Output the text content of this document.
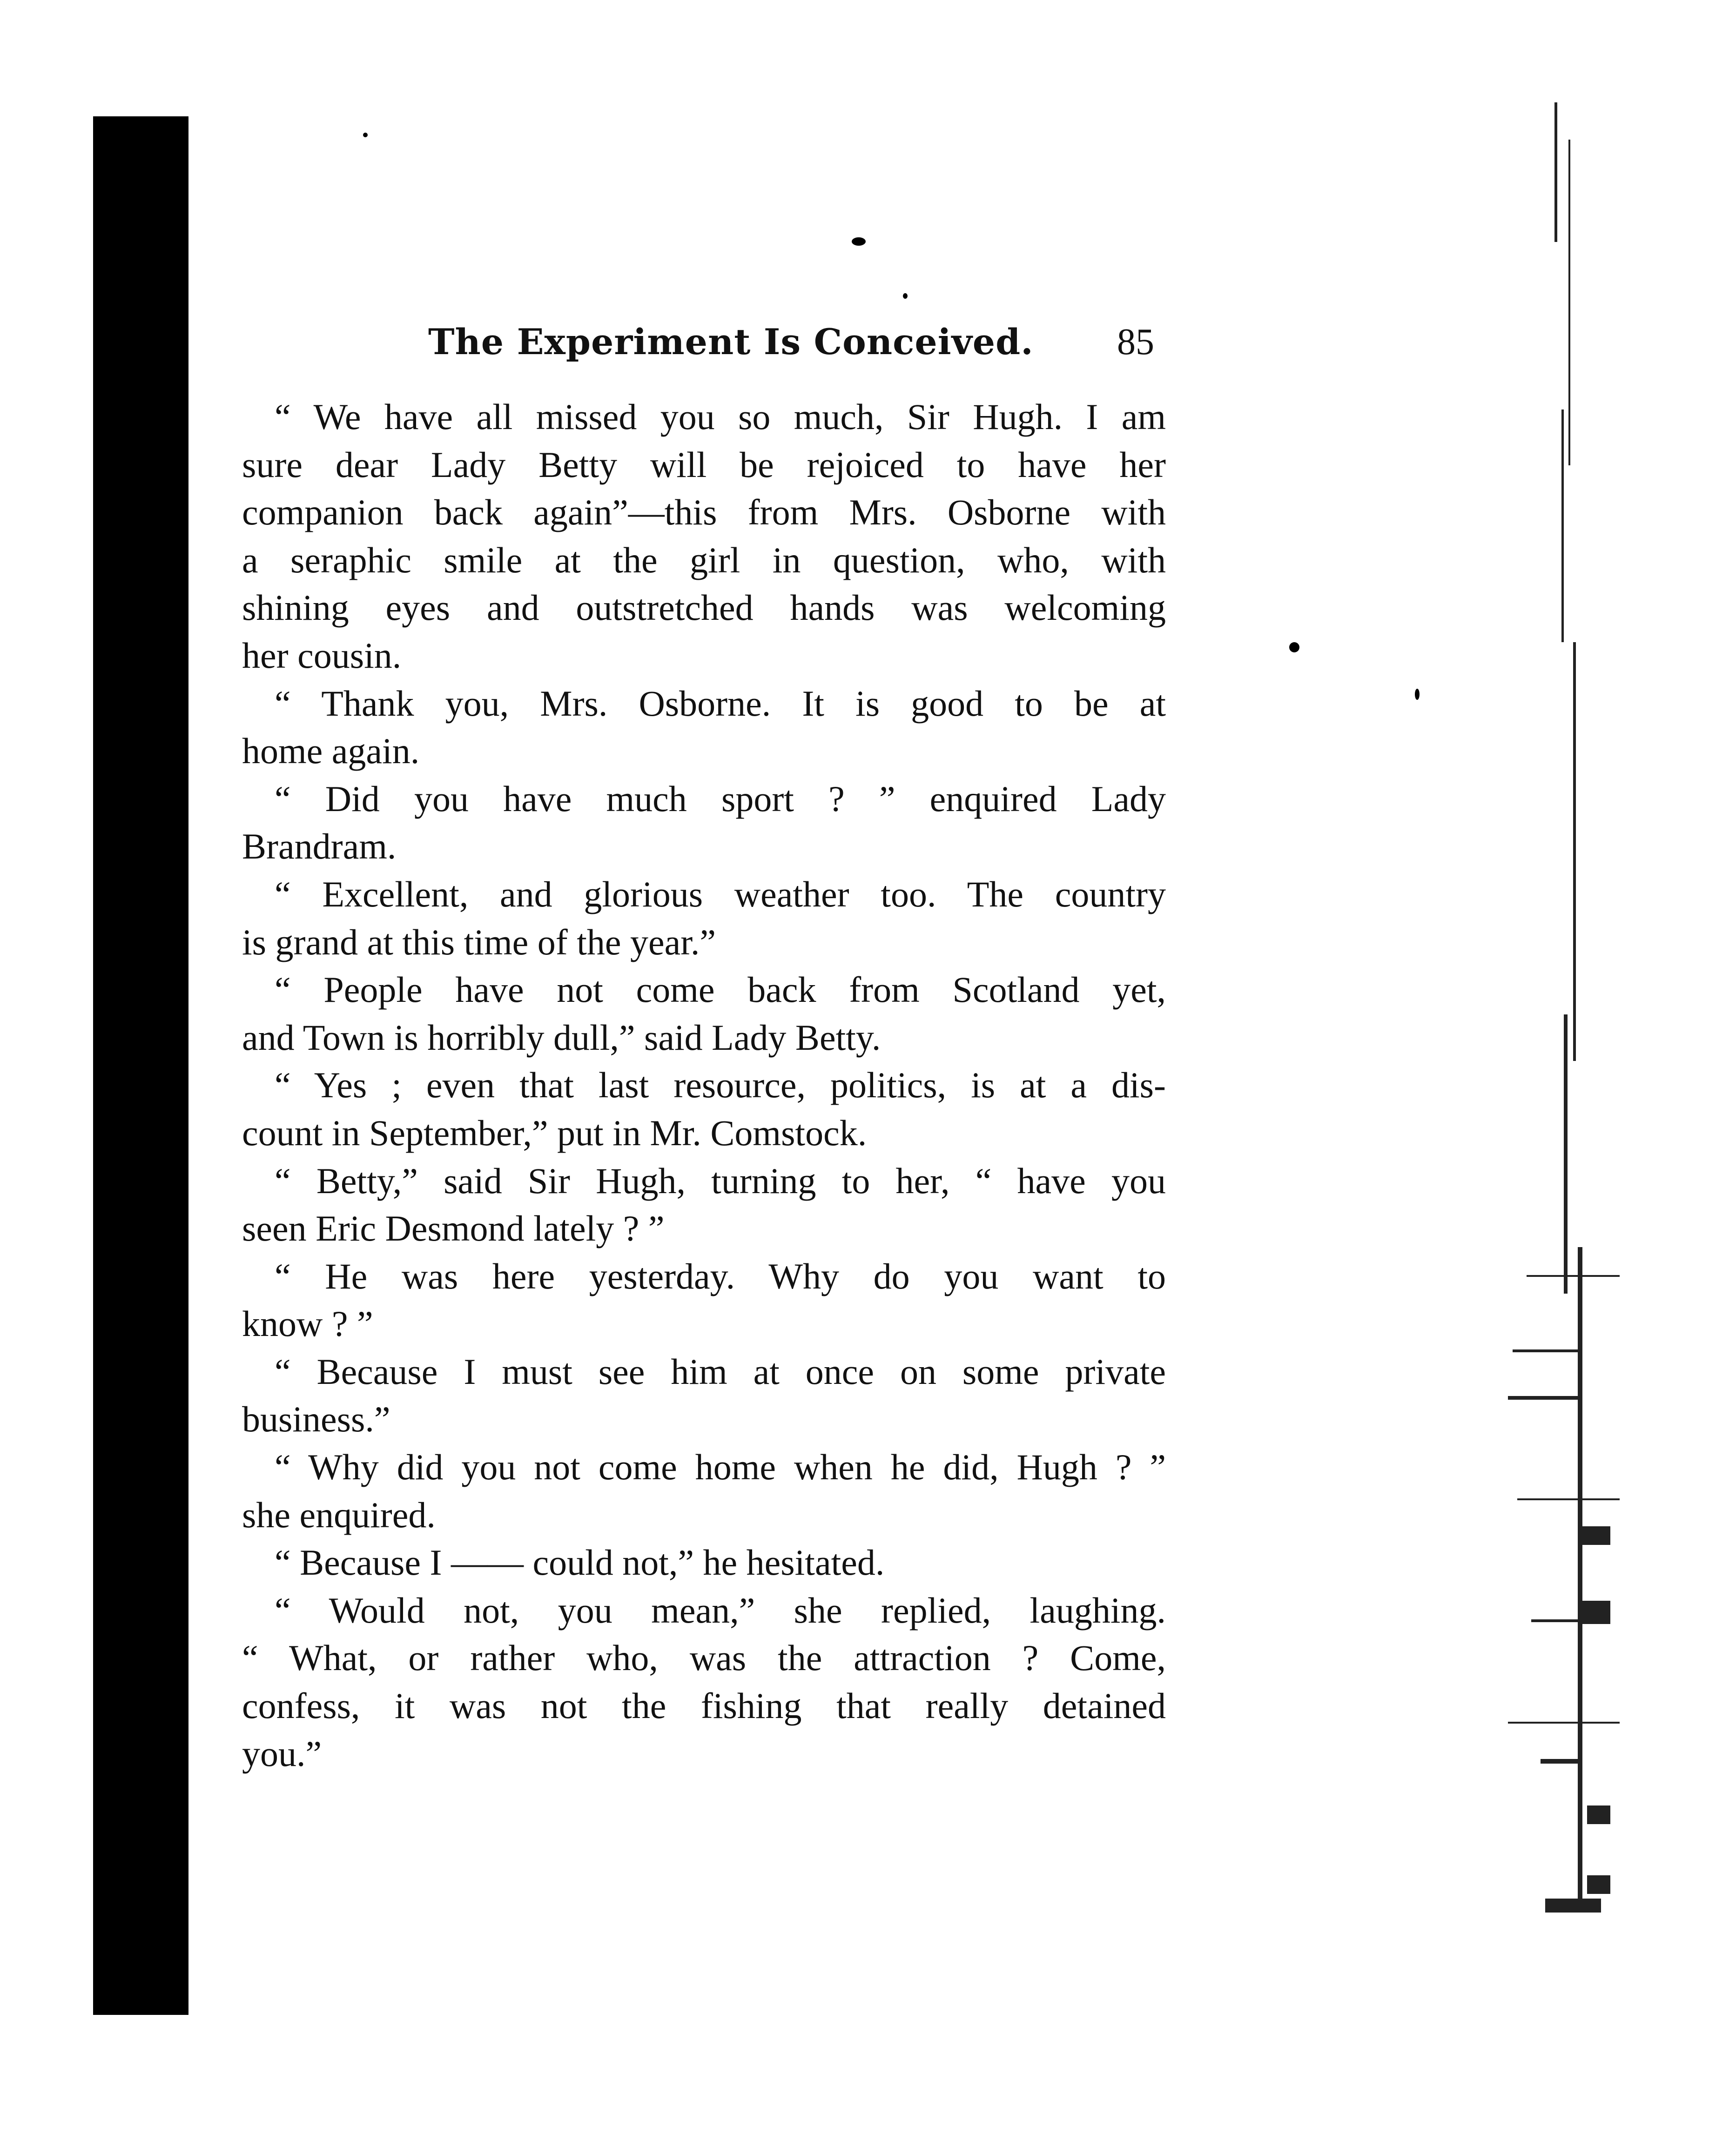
The Experiment Is Conceived. 85
“ We have all missed you so much, Sir Hugh. I am
sure dear Lady Betty will be rejoiced to have her
companion back again”—this from Mrs. Osborne with
a seraphic smile at the girl in question, who, with
shining eyes and outstretched hands was welcoming
her cousin.
“ Thank you, Mrs. Osborne. It is good to be at
home again.
“ Did you have much sport ? ” enquired Lady
Brandram.
“ Excellent, and glorious weather too. The country
is grand at this time of the year.”
“ People have not come back from Scotland yet,
and Town is horribly dull,” said Lady Betty.
“ Yes ; even that last resource, politics, is at a dis-
count in September,” put in Mr. Comstock.
“ Betty,” said Sir Hugh, turning to her, “ have you
seen Eric Desmond lately ? ”
“ He was here yesterday. Why do you want to
know ? ”
“ Because I must see him at once on some private
business.”
“ Why did you not come home when he did, Hugh ? ”
she enquired.
“ Because I —— could not,” he hesitated.
“ Would not, you mean,” she replied, laughing.
“ What, or rather who, was the attraction ? Come,
confess, it was not the fishing that really detained
you.”
